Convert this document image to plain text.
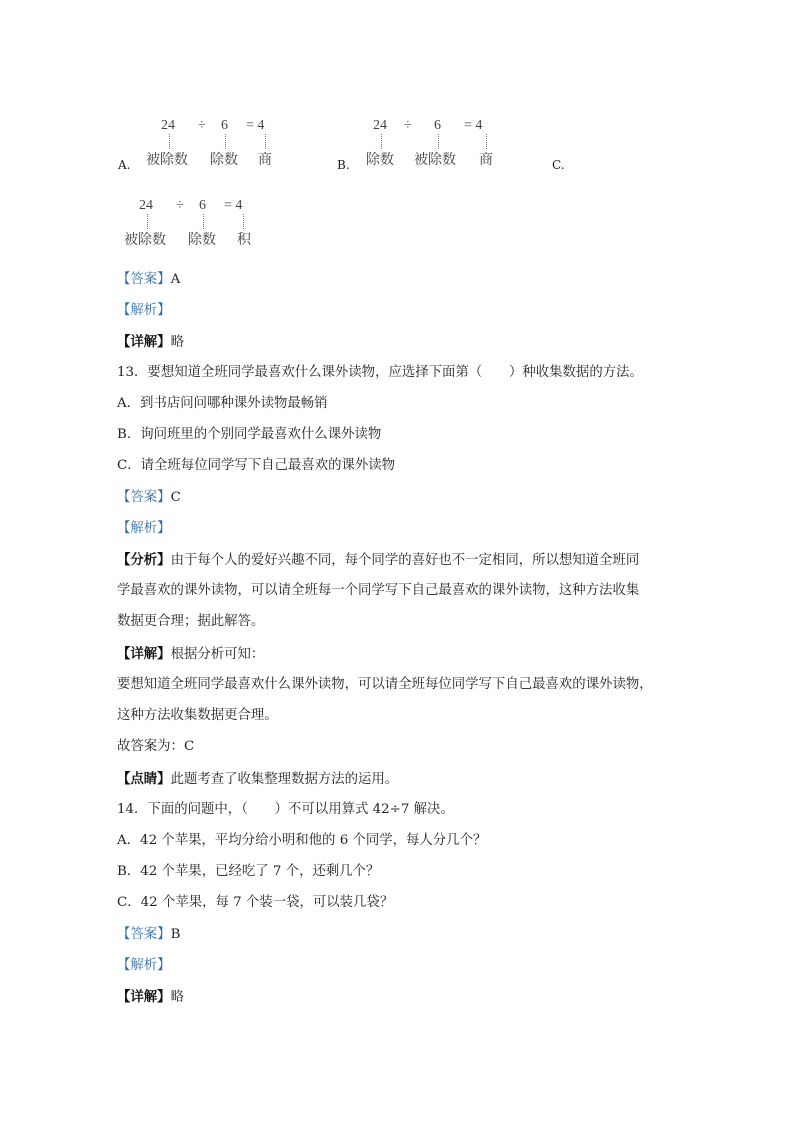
24 ÷ 6 = 4
被除数 除数 商
A.
24 ÷ 6 = 4
除数 被除数 商
B.	C.
24 ÷ 6 = 4
被除数 除数 积
【答案】A
【解析】
【详解】略
13．要想知道全班同学最喜欢什么课外读物，应选择下面第（　　）种收集数据的方法。
A．到书店问问哪种课外读物最畅销
B．询问班里的个别同学最喜欢什么课外读物
C．请全班每位同学写下自己最喜欢的课外读物
【答案】C
【解析】
【分析】由于每个人的爱好兴趣不同，每个同学的喜好也不一定相同，所以想知道全班同
学最喜欢的课外读物，可以请全班每一个同学写下自己最喜欢的课外读物，这种方法收集
数据更合理；据此解答。
【详解】根据分析可知：
要想知道全班同学最喜欢什么课外读物，可以请全班每位同学写下自己最喜欢的课外读物，
这种方法收集数据更合理。
故答案为：C
【点睛】此题考查了收集整理数据方法的运用。
14．下面的问题中，（　　）不可以用算式 42÷7 解决。
A．42 个苹果，平均分给小明和他的 6 个同学，每人分几个？
B．42 个苹果，已经吃了 7 个，还剩几个？
C．42 个苹果，每 7 个装一袋，可以装几袋？
【答案】B
【解析】
【详解】略
